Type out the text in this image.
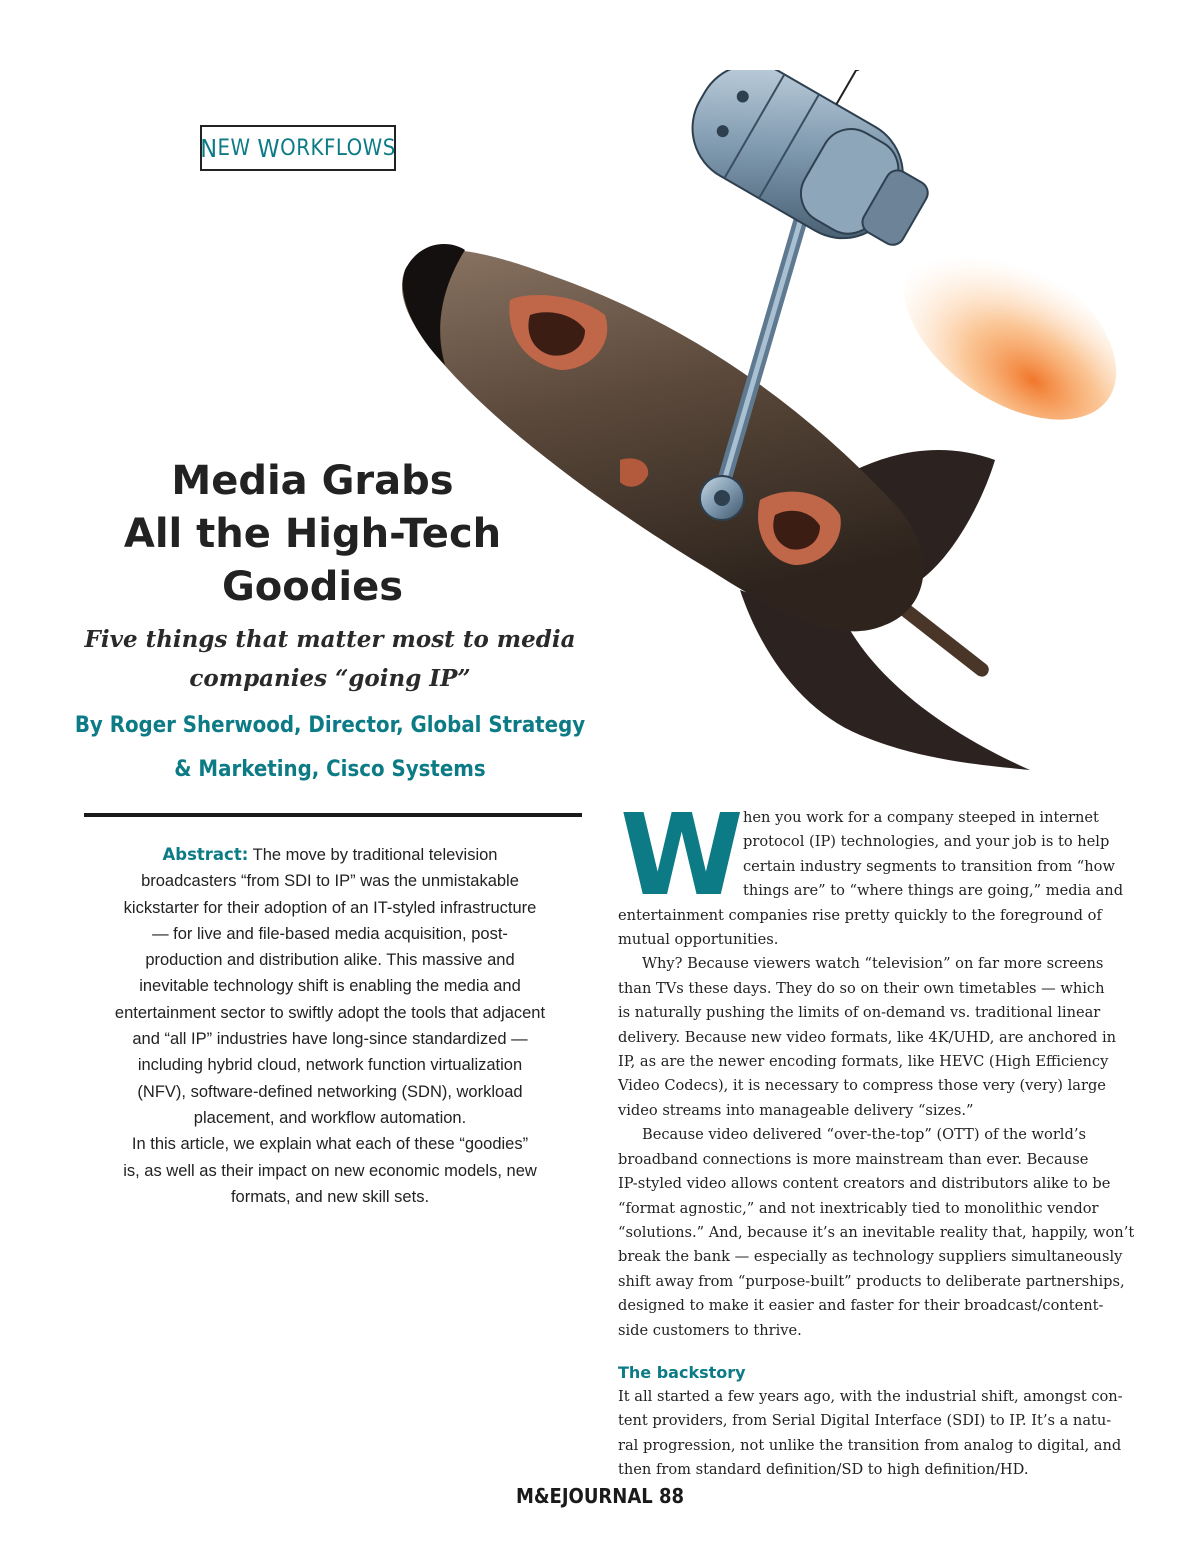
N EW W ORKFLOWS
Media Grabs
All the High-Tech
Goodies
Five things that matter most to media
companies “going IP”
By Roger Sherwood, Director, Global Strategy
& Marketing, Cisco Systems
Abstract: The move by traditional television
broadcasters “from SDI to IP” was the unmistakable
kickstarter for their adoption of an IT-styled infrastructure
— for live and file-based media acquisition, post-
production and distribution alike. This massive and
inevitable technology shift is enabling the media and
entertainment sector to swiftly adopt the tools that adjacent
and “all IP” industries have long-since standardized —
including hybrid cloud, network function virtualization
(NFV), software-defined networking (SDN), workload
placement, and workflow automation.
In this article, we explain what each of these “goodies”
is, as well as their impact on new economic models, new
formats, and new skill sets.
W hen you work for a company steeped in internet
protocol (IP) technologies, and your job is to help
certain industry segments to transition from “how
things are” to “where things are going,” media and
entertainment companies rise pretty quickly to the foreground of
mutual opportunities.
Why? Because viewers watch “television” on far more screens
than TVs these days. They do so on their own timetables — which
is naturally pushing the limits of on-demand vs. traditional linear
delivery. Because new video formats, like 4K/UHD, are anchored in
IP, as are the newer encoding formats, like HEVC (High Efficiency
Video Codecs), it is necessary to compress those very (very) large
video streams into manageable delivery “sizes.”
Because video delivered “over-the-top” (OTT) of the world’s
broadband connections is more mainstream than ever. Because
IP-styled video allows content creators and distributors alike to be
“format agnostic,” and not inextricably tied to monolithic vendor
“solutions.” And, because it’s an inevitable reality that, happily, won’t
break the bank — especially as technology suppliers simultaneously
shift away from “purpose-built” products to deliberate partnerships,
designed to make it easier and faster for their broadcast/content-
side customers to thrive.
The backstory
It all started a few years ago, with the industrial shift, amongst con-
tent providers, from Serial Digital Interface (SDI) to IP. It’s a natu-
ral progression, not unlike the transition from analog to digital, and
then from standard definition/SD to high definition/HD.
M&EJOURNAL 88
